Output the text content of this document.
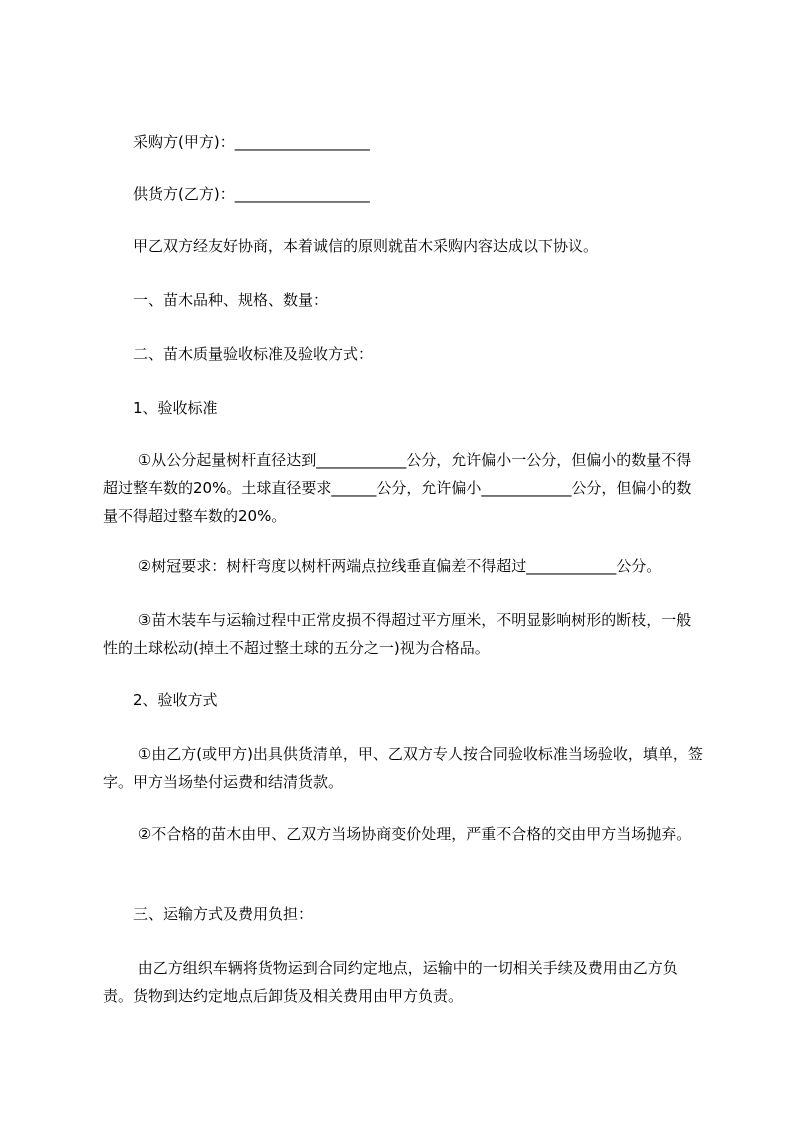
　　采购方(甲方)：__________________

　　供货方(乙方)：__________________

　　甲乙双方经友好协商，本着诚信的原则就苗木采购内容达成以下协议。

　　一、苗木品种、规格、数量：

　　二、苗木质量验收标准及验收方式：

　　1、验收标准

　　 ①从公分起量树杆直径达到____________公分，允许偏小一公分，但偏小的数量不得超过整车数的20%。土球直径要求______公分，允许偏小____________公分，但偏小的数量不得超过整车数的20%。

　　 ②树冠要求：树杆弯度以树杆两端点拉线垂直偏差不得超过____________公分。

　　 ③苗木装车与运输过程中正常皮损不得超过平方厘米，不明显影响树形的断枝，一般性的土球松动(掉土不超过整土球的五分之一)视为合格品。

　　2、验收方式

　　 ①由乙方(或甲方)出具供货清单，甲、乙双方专人按合同验收标准当场验收，填单，签字。甲方当场垫付运费和结清货款。

　　 ②不合格的苗木由甲、乙双方当场协商变价处理，严重不合格的交由甲方当场抛弃。

　　三、运输方式及费用负担：

　　 由乙方组织车辆将货物运到合同约定地点，运输中的一切相关手续及费用由乙方负责。货物到达约定地点后卸货及相关费用由甲方负责。
